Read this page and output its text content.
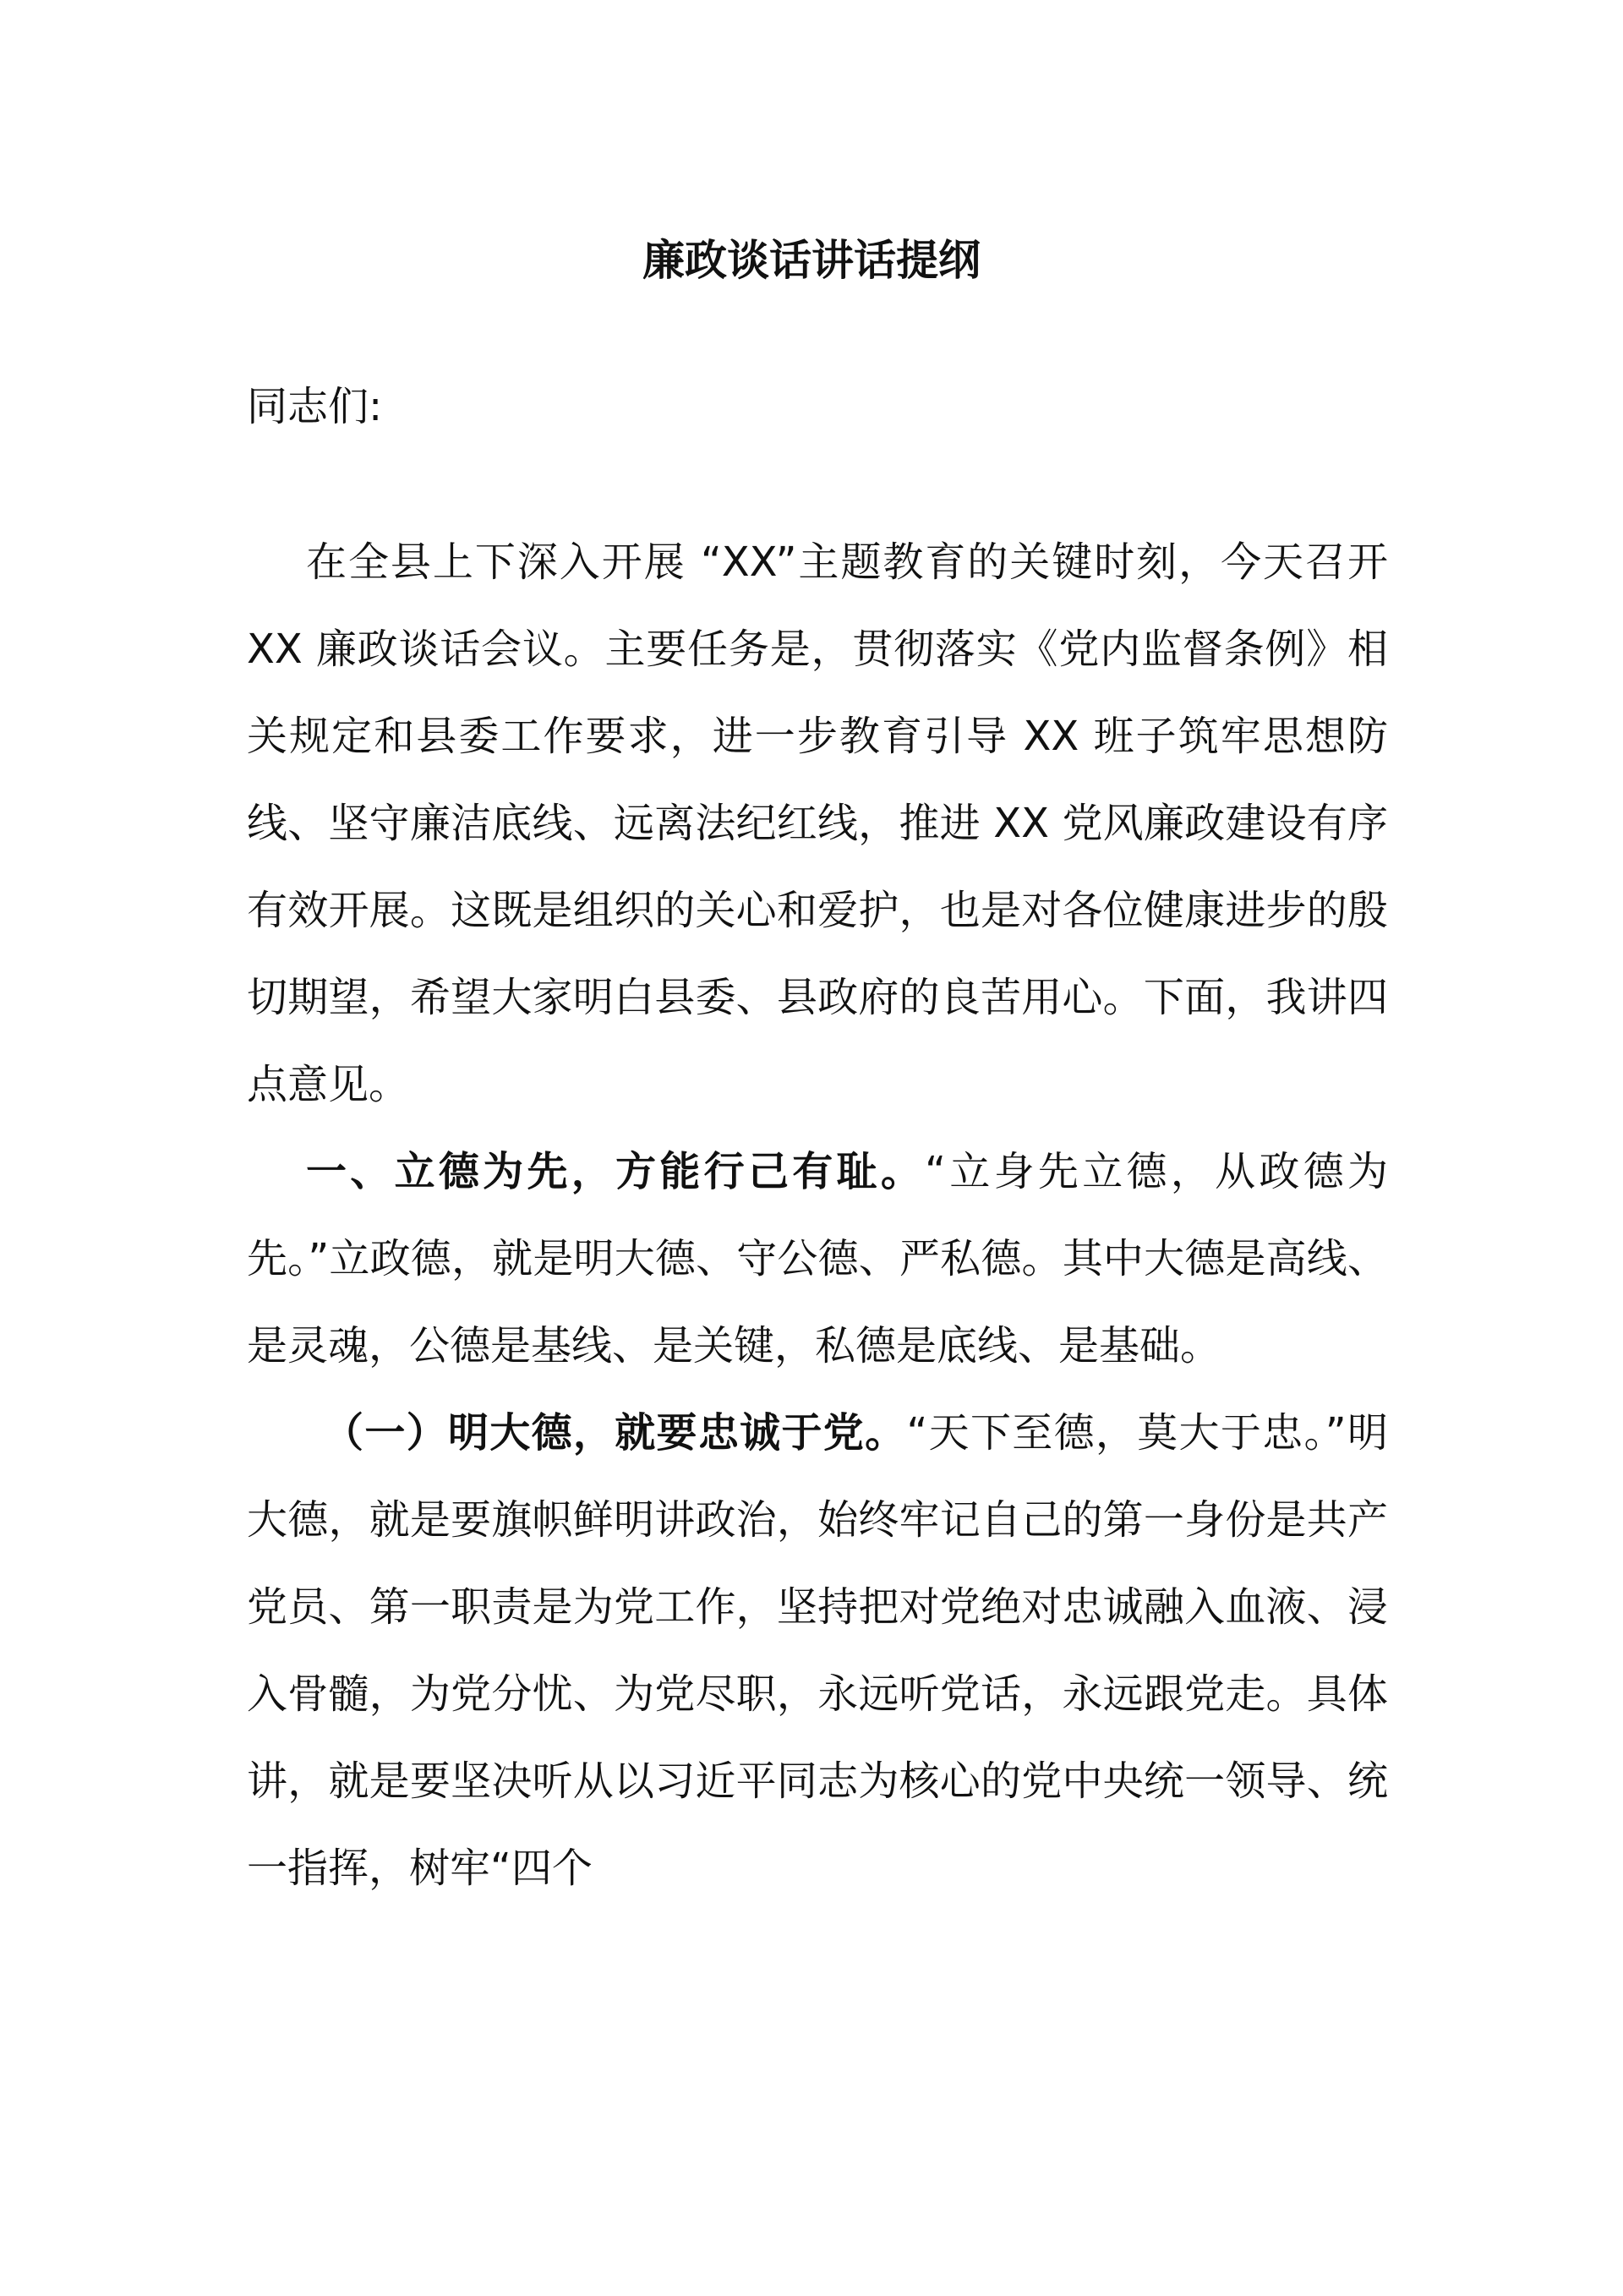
廉政谈话讲话提纲

同志们:

在全县上下深入开展 “XX”主题教育的关键时刻，今天召开 XX 廉政谈话会议。主要任务是，贯彻落实《党内监督条例》相关规定和县委工作要求，进一步教育引导 XX 班子筑牢思想防线、坚守廉洁底线、远离法纪红线，推进 XX 党风廉政建设有序有效开展。这既是组织的关心和爱护，也是对各位健康进步的殷切期望，希望大家明白县委、县政府的良苦用心。下面，我讲四点意见。

一、立德为先，方能行己有耻。“立身先立德，从政德为先。”立政德，就是明大德、守公德、严私德。其中大德是高线、是灵魂，公德是基线、是关键，私德是底线、是基础。

（一）明大德，就要忠诚于党。“天下至德，莫大于忠。”明大德，就是要旗帜鲜明讲政治，始终牢记自己的第一身份是共产党员、第一职责是为党工作，坚持把对党绝对忠诚融入血液、浸入骨髓，为党分忧、为党尽职，永远听党话，永远跟党走。具体讲，就是要坚决听从以习近平同志为核心的党中央统一领导、统一指挥，树牢“四个
